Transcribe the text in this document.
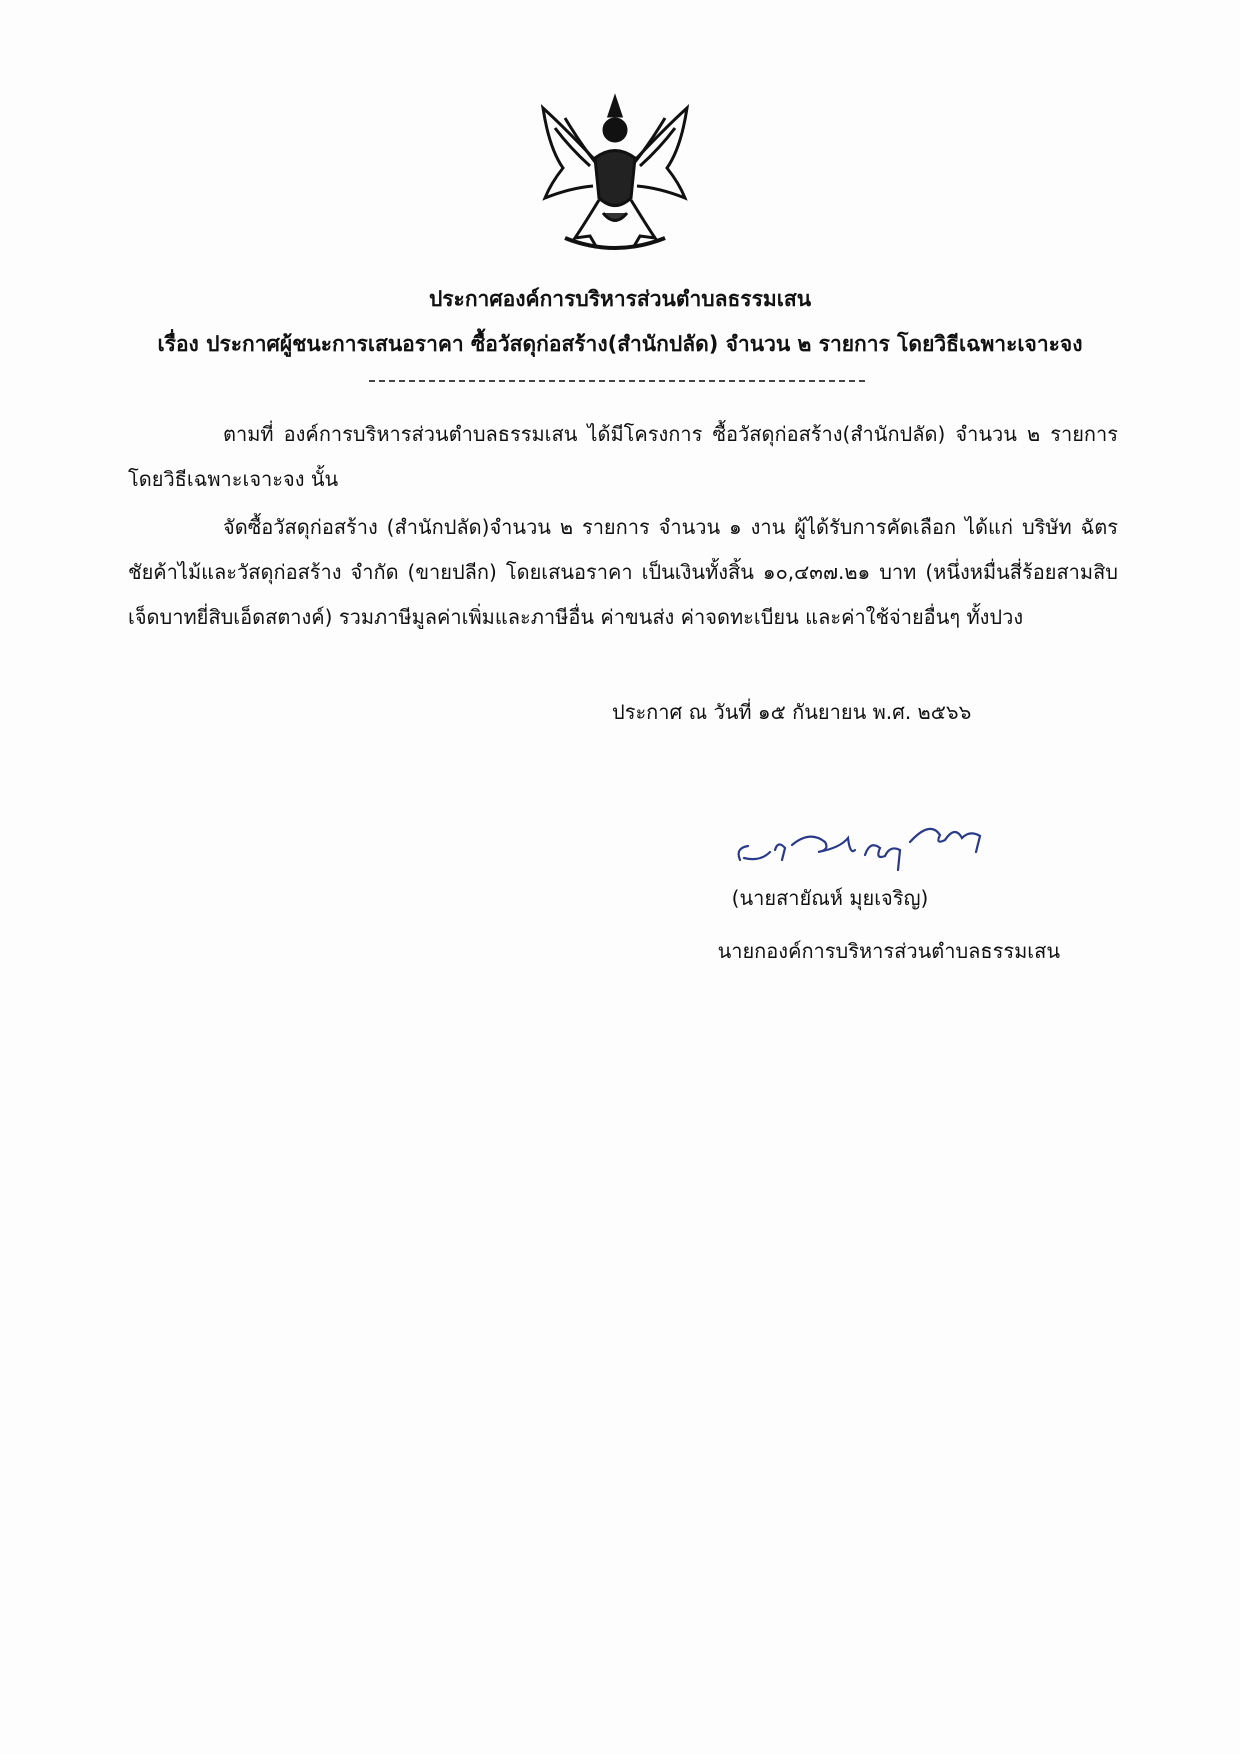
ประกาศองค์การบริหารส่วนตำบลธรรมเสน
เรื่อง ประกาศผู้ชนะการเสนอราคา ซื้อวัสดุก่อสร้าง(สำนักปลัด) จำนวน ๒ รายการ โดยวิธีเฉพาะเจาะจง

ตามที่ องค์การบริหารส่วนตำบลธรรมเสน ได้มีโครงการ ซื้อวัสดุก่อสร้าง(สำนักปลัด) จำนวน ๒ รายการ

โดยวิธีเฉพาะเจาะจง นั้น

จัดซื้อวัสดุก่อสร้าง (สำนักปลัด)จำนวน ๒ รายการ จำนวน ๑ งาน ผู้ได้รับการคัดเลือก ได้แก่ บริษัท ฉัตร

ชัยค้าไม้และวัสดุก่อสร้าง จำกัด (ขายปลีก) โดยเสนอราคา เป็นเงินทั้งสิ้น ๑๐,๔๓๗.๒๑ บาท (หนึ่งหมื่นสี่ร้อยสามสิบ

เจ็ดบาทยี่สิบเอ็ดสตางค์) รวมภาษีมูลค่าเพิ่มและภาษีอื่น ค่าขนส่ง ค่าจดทะเบียน และค่าใช้จ่ายอื่นๆ ทั้งปวง

ประกาศ ณ วันที่ ๑๕ กันยายน พ.ศ. ๒๕๖๖
(นายสายัณห์ มุยเจริญ)
นายกองค์การบริหารส่วนตำบลธรรมเสน
